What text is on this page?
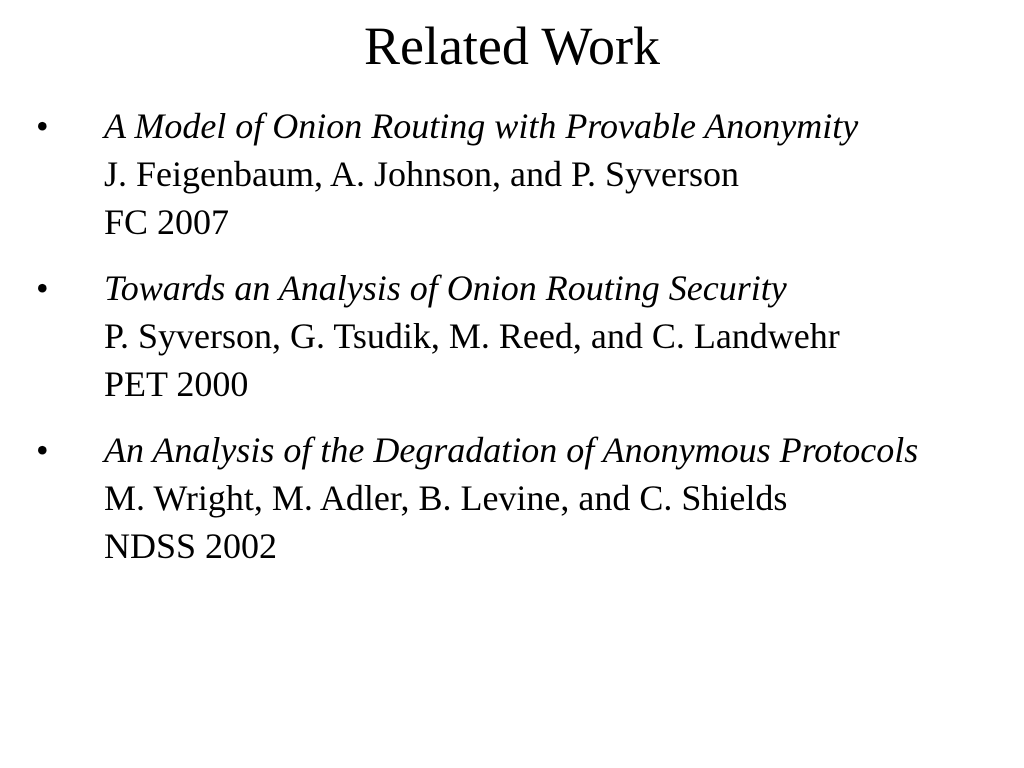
Related Work
• A Model of Onion Routing with Provable Anonymity
J. Feigenbaum, A. Johnson, and P. Syverson
FC 2007
• Towards an Analysis of Onion Routing Security
P. Syverson, G. Tsudik, M. Reed, and C. Landwehr
PET 2000
• An Analysis of the Degradation of Anonymous Protocols
M. Wright, M. Adler, B. Levine, and C. Shields
NDSS 2002
